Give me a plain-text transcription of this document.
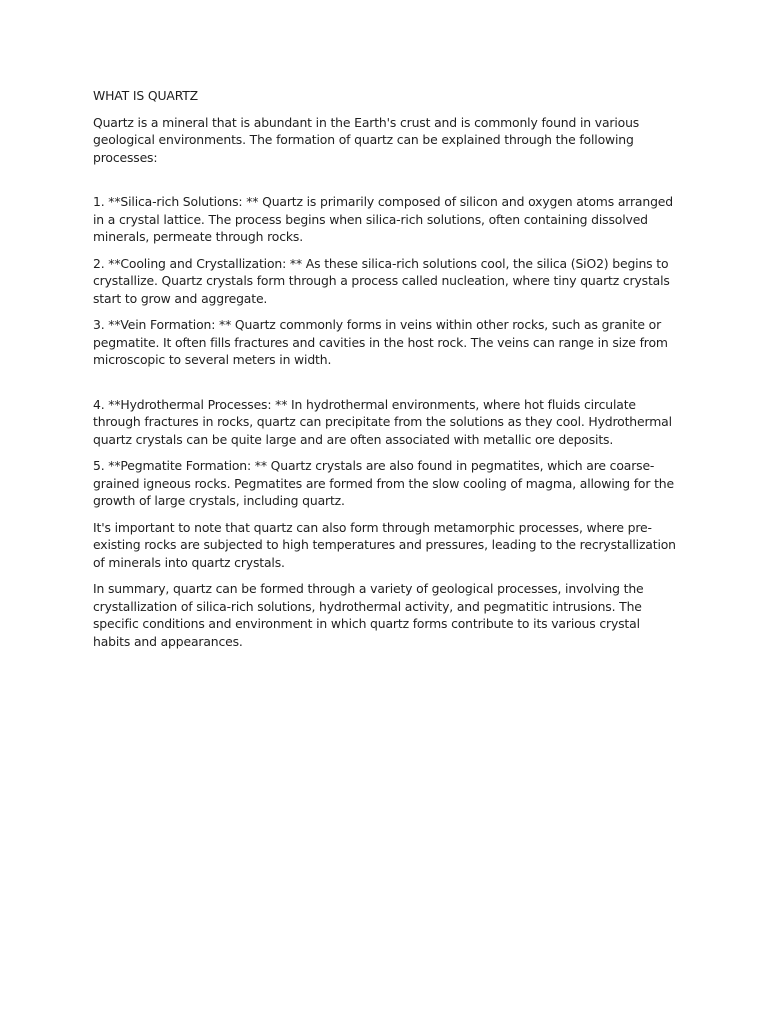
WHAT IS QUARTZ

Quartz is a mineral that is abundant in the Earth's crust and is commonly found in various geological environments. The formation of quartz can be explained through the following processes:

1. **Silica-rich Solutions: ** Quartz is primarily composed of silicon and oxygen atoms arranged in a crystal lattice. The process begins when silica-rich solutions, often containing dissolved minerals, permeate through rocks.

2. **Cooling and Crystallization: ** As these silica-rich solutions cool, the silica (SiO2) begins to crystallize. Quartz crystals form through a process called nucleation, where tiny quartz crystals start to grow and aggregate.

3. **Vein Formation: ** Quartz commonly forms in veins within other rocks, such as granite or pegmatite. It often fills fractures and cavities in the host rock. The veins can range in size from microscopic to several meters in width.

4. **Hydrothermal Processes: ** In hydrothermal environments, where hot fluids circulate through fractures in rocks, quartz can precipitate from the solutions as they cool. Hydrothermal quartz crystals can be quite large and are often associated with metallic ore deposits.

5. **Pegmatite Formation: ** Quartz crystals are also found in pegmatites, which are coarse-grained igneous rocks. Pegmatites are formed from the slow cooling of magma, allowing for the growth of large crystals, including quartz.

It's important to note that quartz can also form through metamorphic processes, where pre-existing rocks are subjected to high temperatures and pressures, leading to the recrystallization of minerals into quartz crystals.

In summary, quartz can be formed through a variety of geological processes, involving the crystallization of silica-rich solutions, hydrothermal activity, and pegmatitic intrusions. The specific conditions and environment in which quartz forms contribute to its various crystal habits and appearances.
